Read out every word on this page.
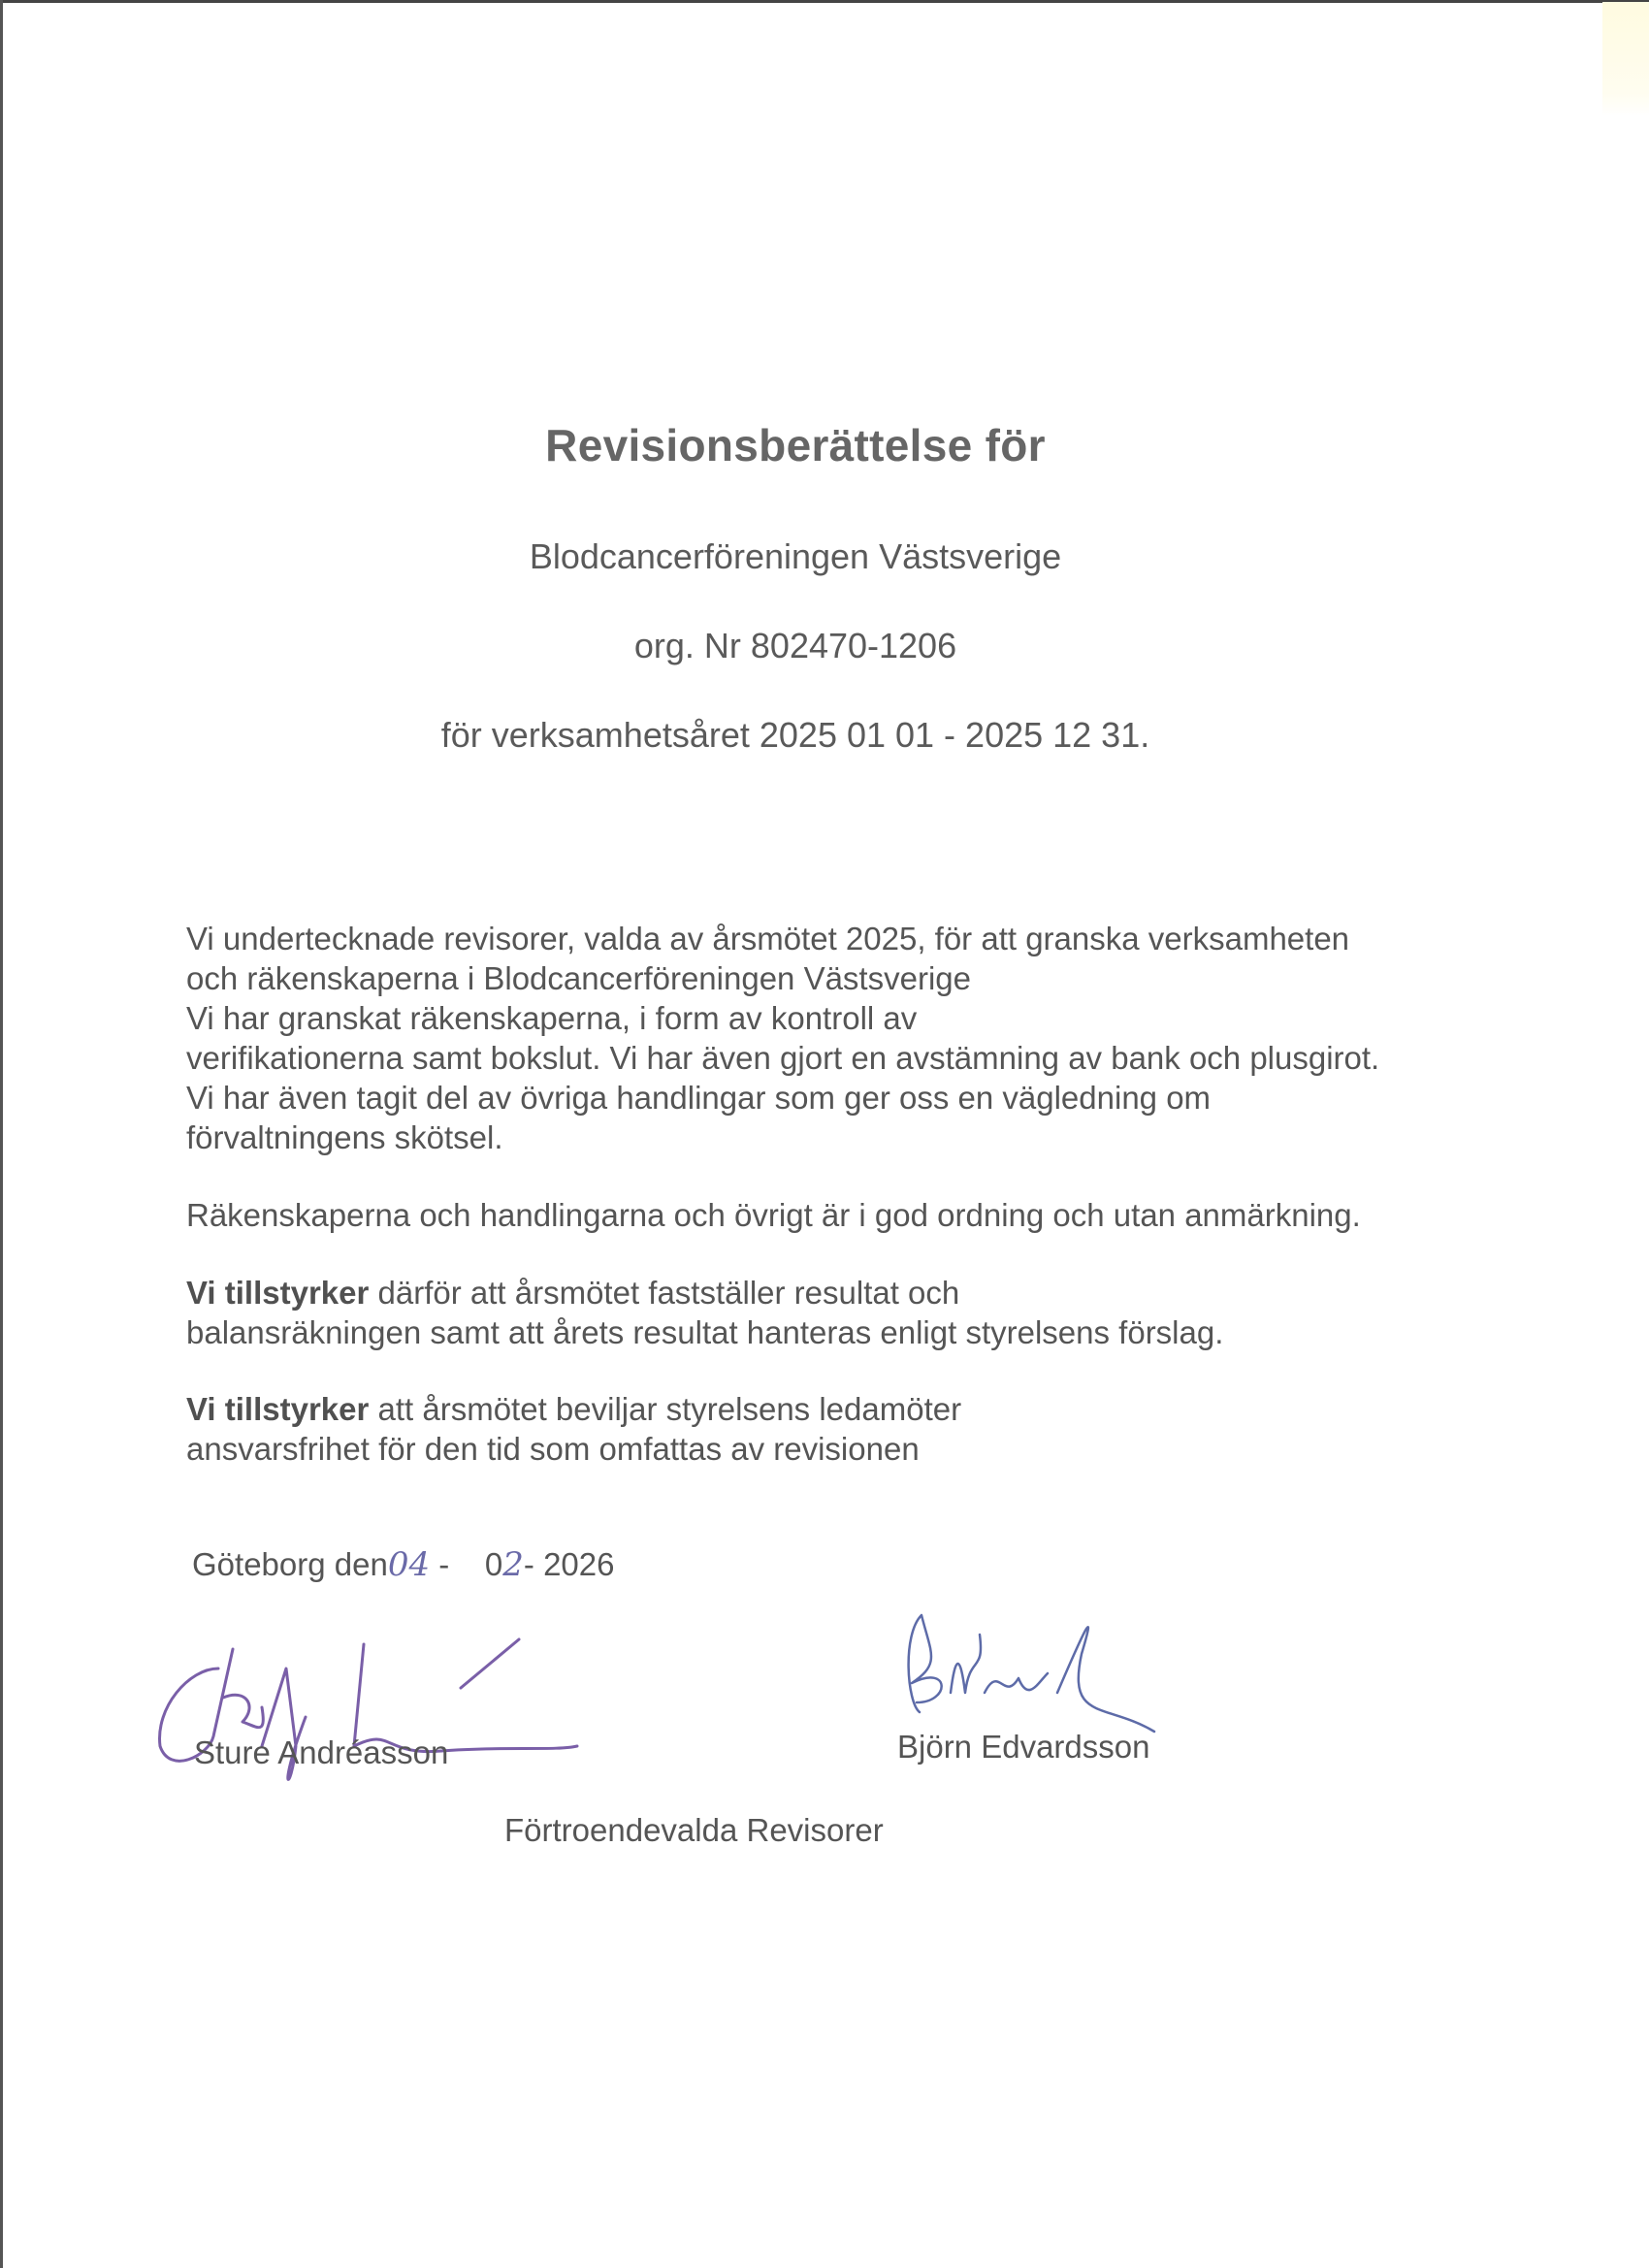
Revisionsberättelse för
Blodcancerföreningen Västsverige
org. Nr 802470-1206
för verksamhetsåret 2025 01 01 - 2025 12 31.
Vi undertecknade revisorer, valda av årsmötet 2025, för att granska verksamheten
och räkenskaperna i Blodcancerföreningen Västsverige
Vi har granskat räkenskaperna, i form av kontroll av
verifikationerna samt bokslut. Vi har även gjort en avstämning av bank och plusgirot.
Vi har även tagit del av övriga handlingar som ger oss en vägledning om
förvaltningens skötsel.
Räkenskaperna och handlingarna och övrigt är i god ordning och utan anmärkning.
Vi tillstyrker därför att årsmötet fastställer resultat och
balansräkningen samt att årets resultat hanteras enligt styrelsens förslag.
Vi tillstyrker att årsmötet beviljar styrelsens ledamöter
ansvarsfrihet för den tid som omfattas av revisionen
Göteborg den04 -    02- 2026
Sture Andréasson	Björn Edvardsson
Förtroendevalda Revisorer
